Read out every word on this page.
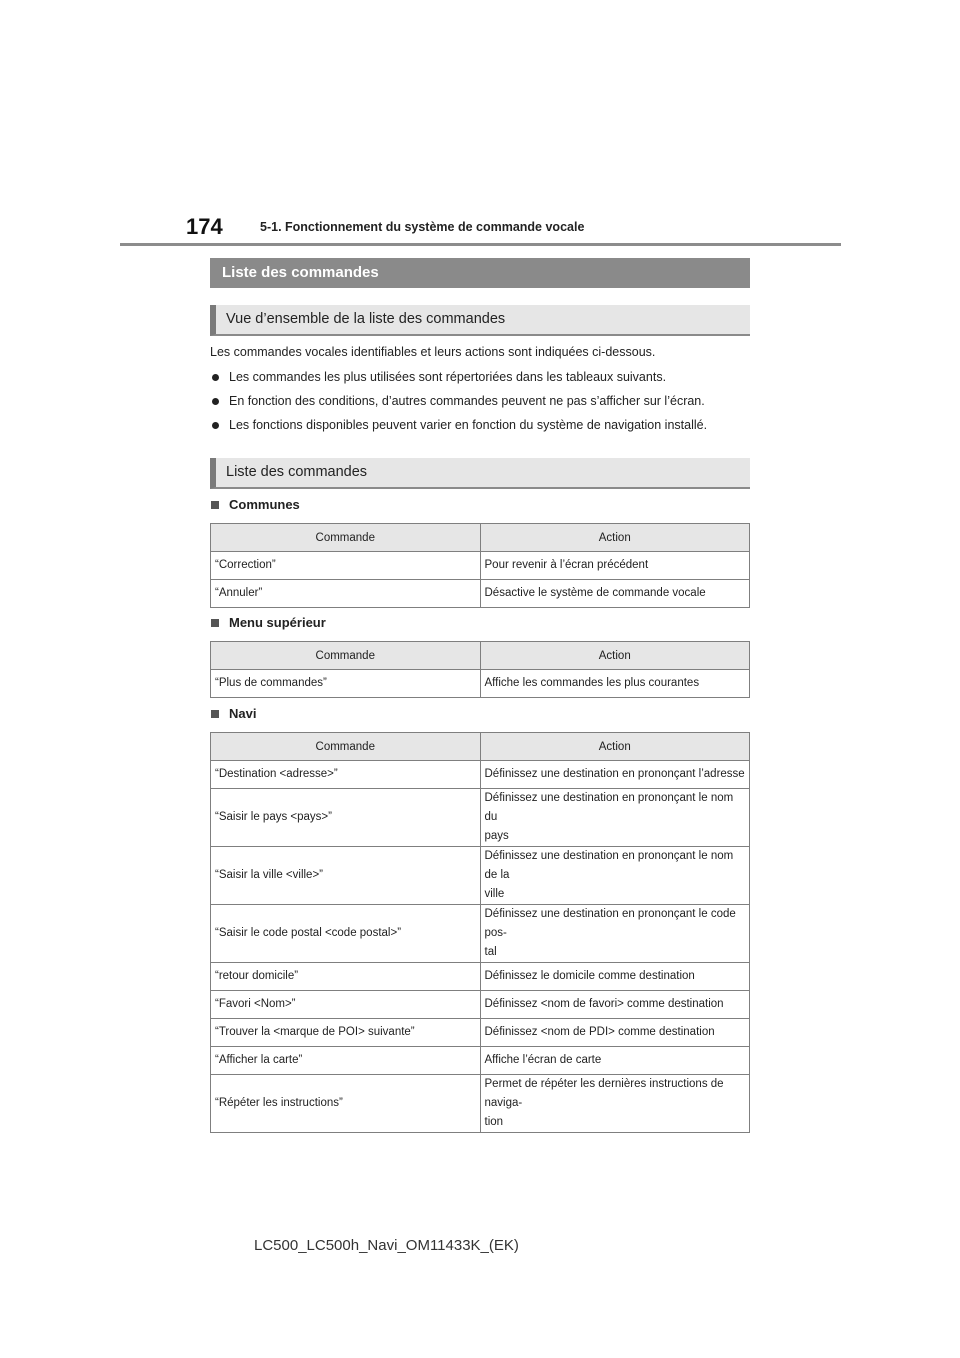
174	5-1. Fonctionnement du système de commande vocale
Liste des commandes
Vue d’ensemble de la liste des commandes

Les commandes vocales identifiables et leurs actions sont indiquées ci-dessous.

Les commandes les plus utilisées sont répertoriées dans les tableaux suivants.
En fonction des conditions, d’autres commandes peuvent ne pas s’afficher sur l’écran.
Les fonctions disponibles peuvent varier en fonction du système de navigation installé.
Liste des commandes
Communes
Commande	Action
“Correction”	Pour revenir à l’écran précédent
“Annuler”	Désactive le système de commande vocale
Menu supérieur
Commande	Action
“Plus de commandes”	Affiche les commandes les plus courantes
Navi
Commande	Action
“Destination <adresse>”	Définissez une destination en prononçant l’adresse
“Saisir le pays <pays>”	Définissez une destination en prononçant le nom du
pays
“Saisir la ville <ville>”	Définissez une destination en prononçant le nom de la
ville
“Saisir le code postal <code postal>”	Définissez une destination en prononçant le code pos-
tal
“retour domicile”	Définissez le domicile comme destination
“Favori <Nom>”	Définissez <nom de favori> comme destination
“Trouver la <marque de POI> suivante”	Définissez <nom de PDI> comme destination
“Afficher la carte”	Affiche l’écran de carte
“Répéter les instructions”	Permet de répéter les dernières instructions de naviga-
tion
LC500_LC500h_Navi_OM11433K_(EK)
